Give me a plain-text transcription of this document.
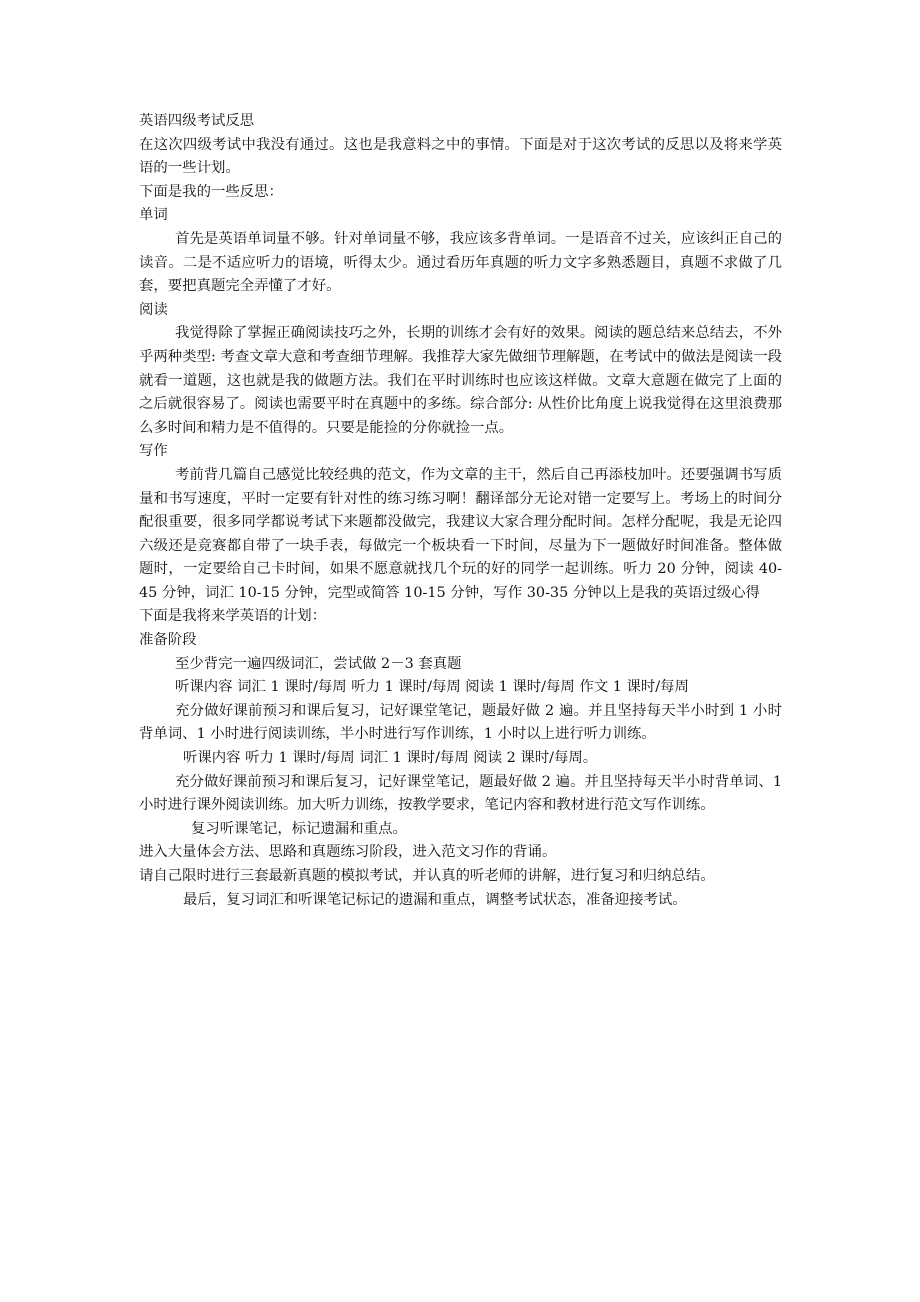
英语四级考试反思

在这次四级考试中我没有通过。这也是我意料之中的事情。下面是对于这次考试的反思以及将来学英语的一些计划。

下面是我的一些反思：

单词

首先是英语单词量不够。针对单词量不够，我应该多背单词。一是语音不过关，应该纠正自己的读音。二是不适应听力的语境，听得太少。通过看历年真题的听力文字多熟悉题目，真题不求做了几套，要把真题完全弄懂了才好。

阅读

我觉得除了掌握正确阅读技巧之外，长期的训练才会有好的效果。阅读的题总结来总结去，不外乎两种类型: 考查文章大意和考查细节理解。我推荐大家先做细节理解题，在考试中的做法是阅读一段就看一道题，这也就是我的做题方法。我们在平时训练时也应该这样做。文章大意题在做完了上面的之后就很容易了。阅读也需要平时在真题中的多练。综合部分: 从性价比角度上说我觉得在这里浪费那么多时间和精力是不值得的。只要是能捡的分你就捡一点。

写作

考前背几篇自己感觉比较经典的范文，作为文章的主干，然后自己再添枝加叶。还要强调书写质量和书写速度，平时一定要有针对性的练习练习啊！翻译部分无论对错一定要写上。考场上的时间分配很重要，很多同学都说考试下来题都没做完，我建议大家合理分配时间。怎样分配呢，我是无论四六级还是竞赛都自带了一块手表，每做完一个板块看一下时间，尽量为下一题做好时间准备。整体做题时，一定要给自己卡时间，如果不愿意就找几个玩的好的同学一起训练。听力 20 分钟，阅读 40-45 分钟，词汇 10-15 分钟，完型或简答 10-15 分钟，写作 30-35 分钟以上是我的英语过级心得

下面是我将来学英语的计划：

准备阶段

至少背完一遍四级词汇，尝试做 2－3 套真题

听课内容 词汇 1 课时/每周 听力 1 课时/每周 阅读 1 课时/每周 作文 1 课时/每周

充分做好课前预习和课后复习，记好课堂笔记，题最好做 2 遍。并且坚持每天半小时到 1 小时背单词、1 小时进行阅读训练，半小时进行写作训练，1 小时以上进行听力训练。

听课内容 听力 1 课时/每周 词汇 1 课时/每周 阅读 2 课时/每周。

充分做好课前预习和课后复习，记好课堂笔记，题最好做 2 遍。并且坚持每天半小时背单词、1 小时进行课外阅读训练。加大听力训练，按教学要求，笔记内容和教材进行范文写作训练。

复习听课笔记，标记遗漏和重点。

进入大量体会方法、思路和真题练习阶段，进入范文习作的背诵。

请自己限时进行三套最新真题的模拟考试，并认真的听老师的讲解，进行复习和归纳总结。

最后，复习词汇和听课笔记标记的遗漏和重点，调整考试状态，准备迎接考试。
